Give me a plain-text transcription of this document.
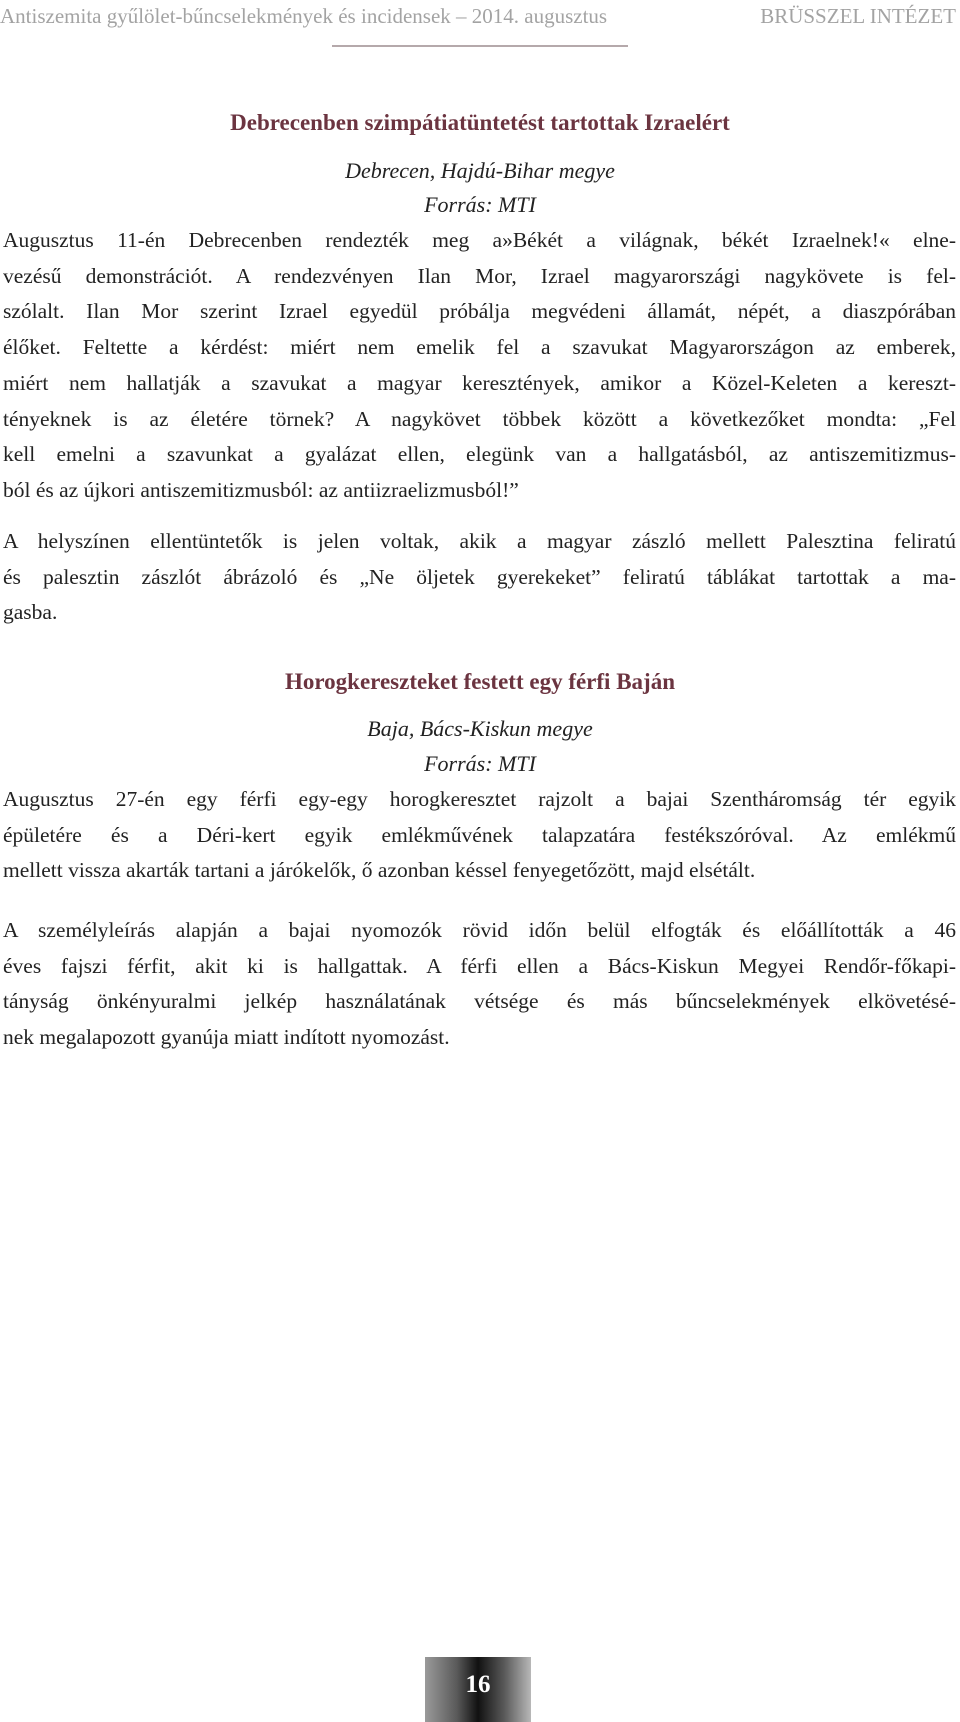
Antiszemita gyűlölet-bűncselekmények és incidensek – 2014. augusztus	BRÜSSZEL INTÉZET
Debrecenben szimpátiatüntetést tartottak Izraelért
Debrecen, Hajdú-Bihar megye
Forrás: MTI
Augusztus 11-én Debrecenben rendezték meg a»Békét a világnak, békét Izraelnek!« elne-
vezésű demonstrációt. A rendezvényen Ilan Mor, Izrael magyarországi nagykövete is fel-
szólalt. Ilan Mor szerint Izrael egyedül próbálja megvédeni államát, népét, a diaszpórában
élőket. Feltette a kérdést: miért nem emelik fel a szavukat Magyarországon az emberek,
miért nem hallatják a szavukat a magyar keresztények, amikor a Közel-Keleten a kereszt-
tényeknek is az életére törnek? A nagykövet többek között a következőket mondta: „Fel
kell emelni a szavunkat a gyalázat ellen, elegünk van a hallgatásból, az antiszemitizmus-
ból és az újkori antiszemitizmusból: az antiizraelizmusból!”
A helyszínen ellentüntetők is jelen voltak, akik a magyar zászló mellett Palesztina feliratú
és palesztin zászlót ábrázoló és „Ne öljetek gyerekeket” feliratú táblákat tartottak a ma-
gasba.
Horogkereszteket festett egy férfi Baján
Baja, Bács-Kiskun megye
Forrás: MTI
Augusztus 27-én egy férfi egy-egy horogkeresztet rajzolt a bajai Szentháromság tér egyik
épületére és a Déri-kert egyik emlékművének talapzatára festékszóróval. Az emlékmű
mellett vissza akarták tartani a járókelők, ő azonban késsel fenyegetőzött, majd elsétált.
A személyleírás alapján a bajai nyomozók rövid időn belül elfogták és előállították a 46
éves fajszi férfit, akit ki is hallgattak. A férfi ellen a Bács-Kiskun Megyei Rendőr-főkapi-
tányság önkényuralmi jelkép használatának vétsége és más bűncselekmények elkövetésé-
nek megalapozott gyanúja miatt indított nyomozást.
16
